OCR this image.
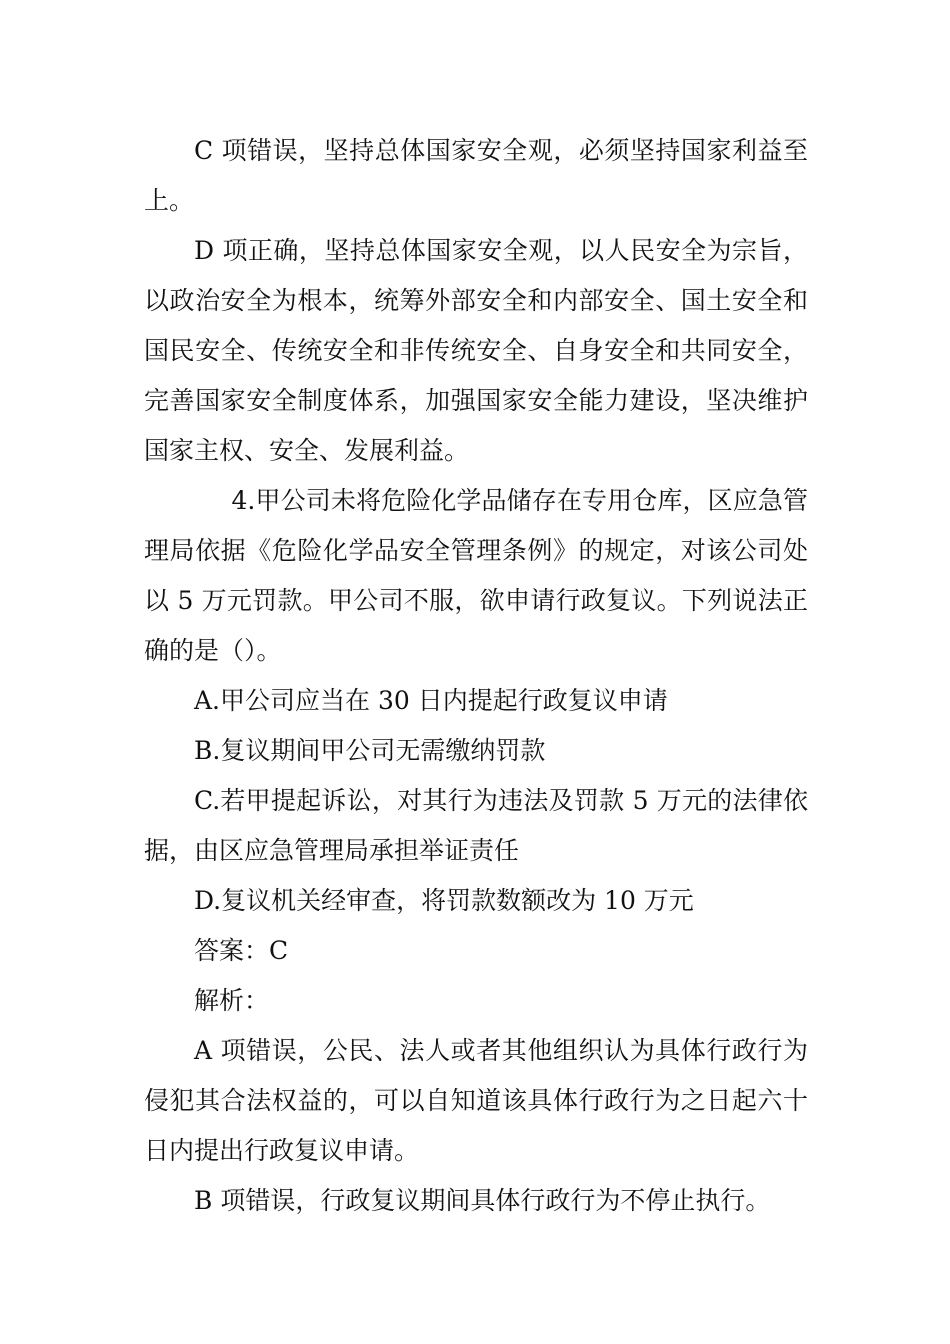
C 项错误，坚持总体国家安全观，必须坚持国家利益至上。

D 项正确，坚持总体国家安全观，以人民安全为宗旨，以政治安全为根本，统筹外部安全和内部安全、国土安全和国民安全、传统安全和非传统安全、自身安全和共同安全，完善国家安全制度体系，加强国家安全能力建设，坚决维护国家主权、安全、发展利益。

4.甲公司未将危险化学品储存在专用仓库，区应急管理局依据《危险化学品安全管理条例》的规定，对该公司处以 5 万元罚款。甲公司不服，欲申请行政复议。下列说法正确的是（）。

A.甲公司应当在 30 日内提起行政复议申请

B.复议期间甲公司无需缴纳罚款

C.若甲提起诉讼，对其行为违法及罚款 5 万元的法律依据，由区应急管理局承担举证责任

D.复议机关经审查，将罚款数额改为 10 万元

答案：C

解析：

A 项错误，公民、法人或者其他组织认为具体行政行为侵犯其合法权益的，可以自知道该具体行政行为之日起六十日内提出行政复议申请。

B 项错误，行政复议期间具体行政行为不停止执行。
